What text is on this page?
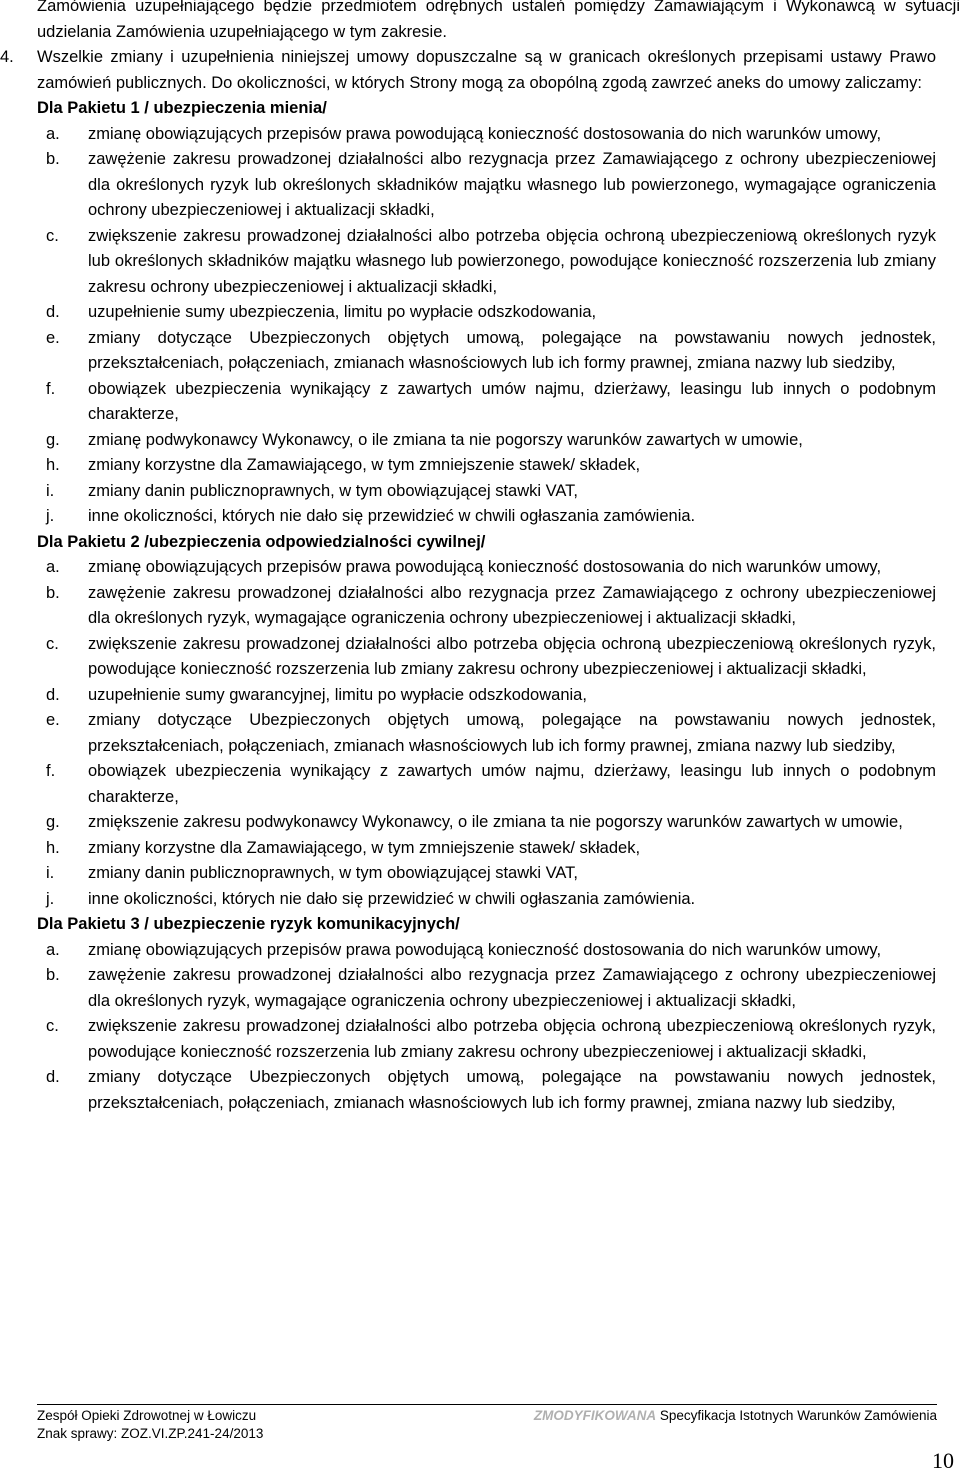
Zamówienia uzupełniającego będzie przedmiotem odrębnych ustaleń pomiędzy Zamawiającym i Wykonawcą w sytuacji udzielania Zamówienia uzupełniającego w tym zakresie.

4.	Wszelkie zmiany i uzupełnienia niniejszej umowy dopuszczalne są w granicach określonych przepisami ustawy Prawo zamówień publicznych. Do okoliczności, w których Strony mogą za obopólną zgodą zawrzeć aneks do umowy zaliczamy:
Dla Pakietu 1 / ubezpieczenia mienia/
a.	zmianę obowiązujących przepisów prawa powodującą konieczność dostosowania do nich warunków umowy,
b.	zawężenie zakresu prowadzonej działalności albo rezygnacja przez Zamawiającego z ochrony ubezpieczeniowej dla określonych ryzyk lub określonych składników majątku własnego lub powierzonego, wymagające ograniczenia ochrony ubezpieczeniowej i aktualizacji składki,
c.	zwiększenie zakresu prowadzonej działalności albo potrzeba objęcia ochroną ubezpieczeniową określonych ryzyk lub określonych składników majątku własnego lub powierzonego, powodujące konieczność rozszerzenia lub zmiany zakresu ochrony ubezpieczeniowej i aktualizacji składki,
d.	uzupełnienie sumy ubezpieczenia, limitu po wypłacie odszkodowania,
e.	zmiany dotyczące Ubezpieczonych objętych umową, polegające na powstawaniu nowych jednostek, przekształceniach, połączeniach, zmianach własnościowych lub ich formy prawnej, zmiana nazwy lub siedziby,
f.	obowiązek ubezpieczenia wynikający z zawartych umów najmu, dzierżawy, leasingu lub innych o podobnym charakterze,
g.	zmianę podwykonawcy Wykonawcy, o ile zmiana ta nie pogorszy warunków zawartych w umowie,
h.	zmiany korzystne dla Zamawiającego, w tym zmniejszenie stawek/ składek,
i.	zmiany danin publicznoprawnych, w tym obowiązującej stawki VAT,
j.	inne okoliczności, których nie dało się przewidzieć w chwili ogłaszania zamówienia.
Dla Pakietu 2 /ubezpieczenia odpowiedzialności cywilnej/
a.	zmianę obowiązujących przepisów prawa powodującą konieczność dostosowania do nich warunków umowy,
b.	zawężenie zakresu prowadzonej działalności albo rezygnacja przez Zamawiającego z ochrony ubezpieczeniowej dla określonych ryzyk, wymagające ograniczenia ochrony ubezpieczeniowej i aktualizacji składki,
c.	zwiększenie zakresu prowadzonej działalności albo potrzeba objęcia ochroną ubezpieczeniową określonych ryzyk, powodujące konieczność rozszerzenia lub zmiany zakresu ochrony ubezpieczeniowej i aktualizacji składki,
d.	uzupełnienie sumy gwarancyjnej, limitu po wypłacie odszkodowania,
e.	zmiany dotyczące Ubezpieczonych objętych umową, polegające na powstawaniu nowych jednostek, przekształceniach, połączeniach, zmianach własnościowych lub ich formy prawnej, zmiana nazwy lub siedziby,
f.	obowiązek ubezpieczenia wynikający z zawartych umów najmu, dzierżawy, leasingu lub innych o podobnym charakterze,
g.	zmiększenie zakresu podwykonawcy Wykonawcy, o ile zmiana ta nie pogorszy warunków zawartych w umowie,
h.	zmiany korzystne dla Zamawiającego, w tym zmniejszenie stawek/ składek,
i.	zmiany danin publicznoprawnych, w tym obowiązującej stawki VAT,
j.	inne okoliczności, których nie dało się przewidzieć w chwili ogłaszania zamówienia.
Dla Pakietu 3 / ubezpieczenie ryzyk komunikacyjnych/
a.	zmianę obowiązujących przepisów prawa powodującą konieczność dostosowania do nich warunków umowy,
b.	zawężenie zakresu prowadzonej działalności albo rezygnacja przez Zamawiającego z ochrony ubezpieczeniowej dla określonych ryzyk, wymagające ograniczenia ochrony ubezpieczeniowej i aktualizacji składki,
c.	zwiększenie zakresu prowadzonej działalności albo potrzeba objęcia ochroną ubezpieczeniową określonych ryzyk, powodujące konieczność rozszerzenia lub zmiany zakresu ochrony ubezpieczeniowej i aktualizacji składki,
d.	zmiany dotyczące Ubezpieczonych objętych umową, polegające na powstawaniu nowych jednostek, przekształceniach, połączeniach, zmianach własnościowych lub ich formy prawnej, zmiana nazwy lub siedziby,
Zespół Opieki Zdrowotnej w Łowiczu	ZMODYFIKOWANA Specyfikacja Istotnych Warunków Zamówienia
Znak sprawy: ZOZ.VI.ZP.241-24/2013
10
